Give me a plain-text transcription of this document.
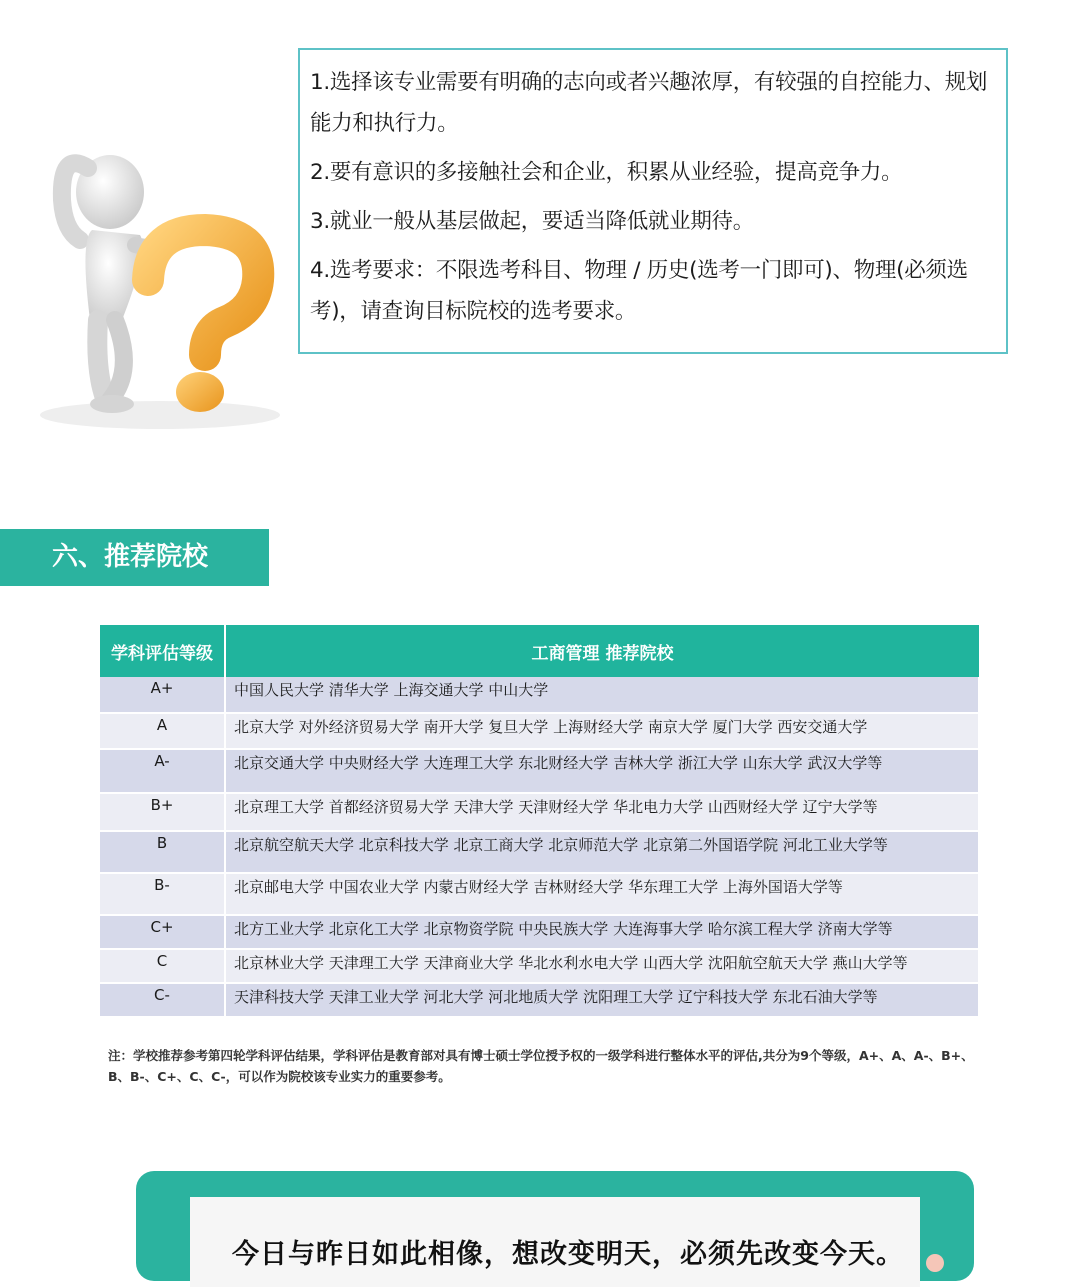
1.选择该专业需要有明确的志向或者兴趣浓厚，有较强的自控能力、规划能力和执行力。

2.要有意识的多接触社会和企业，积累从业经验，提高竞争力。

3.就业一般从基层做起，要适当降低就业期待。

4.选考要求：不限选考科目、物理 / 历史(选考一门即可)、物理(必须选考)，请查询目标院校的选考要求。

六、推荐院校
学科评估等级	工商管理 推荐院校
A+	中国人民大学 清华大学 上海交通大学 中山大学
A	北京大学 对外经济贸易大学 南开大学 复旦大学 上海财经大学 南京大学 厦门大学 西安交通大学
A-	北京交通大学 中央财经大学 大连理工大学 东北财经大学 吉林大学 浙江大学 山东大学 武汉大学等
B+	北京理工大学 首都经济贸易大学 天津大学 天津财经大学 华北电力大学 山西财经大学 辽宁大学等
B	北京航空航天大学 北京科技大学 北京工商大学 北京师范大学 北京第二外国语学院 河北工业大学等
B-	北京邮电大学 中国农业大学 内蒙古财经大学 吉林财经大学 华东理工大学 上海外国语大学等
C+	北方工业大学 北京化工大学 北京物资学院 中央民族大学 大连海事大学 哈尔滨工程大学 济南大学等
C	北京林业大学 天津理工大学 天津商业大学 华北水利水电大学 山西大学 沈阳航空航天大学 燕山大学等
C-	天津科技大学 天津工业大学 河北大学 河北地质大学 沈阳理工大学 辽宁科技大学 东北石油大学等
注：学校推荐参考第四轮学科评估结果，学科评估是教育部对具有博士硕士学位授予权的一级学科进行整体水平的评估,共分为9个等级，A+、A、A-、B+、B、B-、C+、C、C-，可以作为院校该专业实力的重要参考。
今日与昨日如此相像，想改变明天，必须先改变今天。
